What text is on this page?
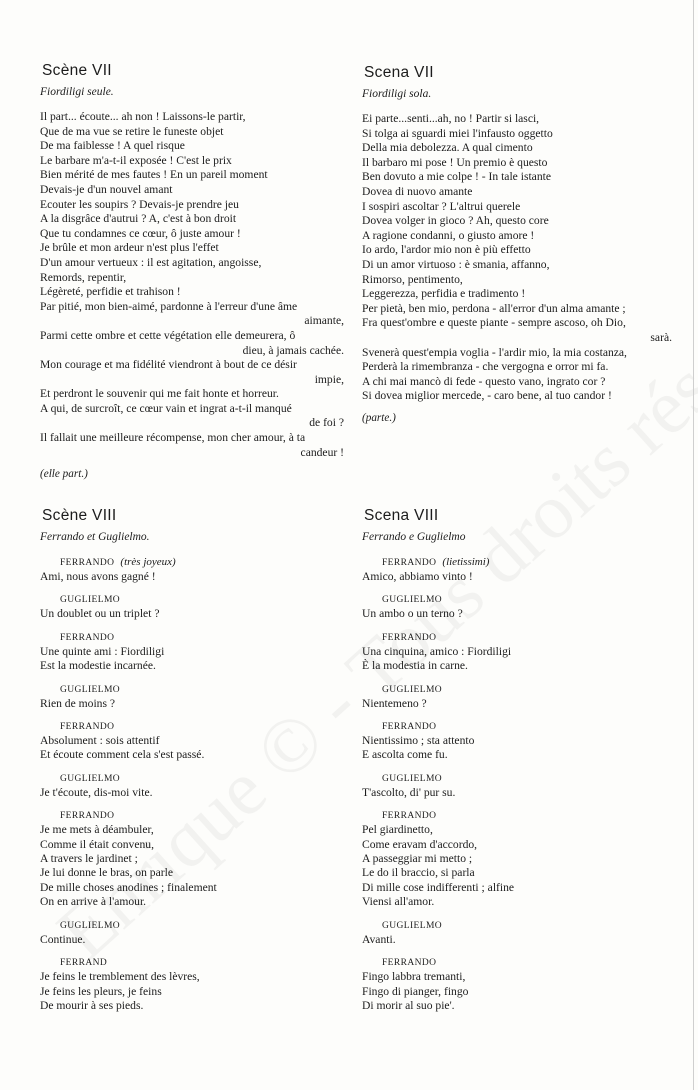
Scène VII
Fiordiligi seule.
Il part... écoute... ah non ! Laissons-le partir,
Que de ma vue se retire le funeste objet
De ma faiblesse ! A quel risque
Le barbare m'a-t-il exposée ! C'est le prix
Bien mérité de mes fautes ! En un pareil moment
Devais-je d'un nouvel amant
Ecouter les soupirs ? Devais-je prendre jeu
A la disgrâce d'autrui ? A, c'est à bon droit
Que tu condamnes ce cœur, ô juste amour !
Je brûle et mon ardeur n'est plus l'effet
D'un amour vertueux : il est agitation, angoisse,
Remords, repentir,
Légèreté, perfidie et trahison !
Par pitié, mon bien-aimé, pardonne à l'erreur d'une âme
aimante,
Parmi cette ombre et cette végétation elle demeurera, ô
dieu, à jamais cachée.
Mon courage et ma fidélité viendront à bout de ce désir
impie,
Et perdront le souvenir qui me fait honte et horreur.
A qui, de surcroît, ce cœur vain et ingrat a-t-il manqué
de foi ?
Il fallait une meilleure récompense, mon cher amour, à ta
candeur !
(elle part.)
Scène VIII
Ferrando et Guglielmo.
FERRANDO (très joyeux)
Ami, nous avons gagné !
GUGLIELMO
Un doublet ou un triplet ?
FERRANDO
Une quinte ami : Fiordiligi
Est la modestie incarnée.
GUGLIELMO
Rien de moins ?
FERRANDO
Absolument : sois attentif
Et écoute comment cela s'est passé.
GUGLIELMO
Je t'écoute, dis-moi vite.
FERRANDO
Je me mets à déambuler,
Comme il était convenu,
A travers le jardinet ;
Je lui donne le bras, on parle
De mille choses anodines ; finalement
On en arrive à l'amour.
GUGLIELMO
Continue.
FERRAND
Je feins le tremblement des lèvres,
Je feins les pleurs, je feins
De mourir à ses pieds.
Scena VII
Fiordiligi sola.
Ei parte...senti...ah, no ! Partir si lasci,
Si tolga ai sguardi miei l'infausto oggetto
Della mia debolezza. A qual cimento
Il barbaro mi pose ! Un premio è questo
Ben dovuto a mie colpe ! - In tale istante
Dovea di nuovo amante
I sospiri ascoltar ? L'altrui querele
Dovea volger in gioco ? Ah, questo core
A ragione condanni, o giusto amore !
Io ardo, l'ardor mio non è più effetto
Di un amor virtuoso : è smania, affanno,
Rimorso, pentimento,
Leggerezza, perfidia e tradimento !
Per pietà, ben mio, perdona - all'error d'un alma amante ;
Fra quest'ombre e queste piante - sempre ascoso, oh Dio,
sarà.
Svenerà quest'empia voglia - l'ardir mio, la mia costanza,
Perderà la rimembranza - che vergogna e orror mi fa.
A chi mai mancò di fede - questo vano, ingrato cor ?
Si dovea miglior mercede, - caro bene, al tuo candor !
(parte.)
Scena VIII
Ferrando e Guglielmo
FERRANDO (lietissimi)
Amico, abbiamo vinto !
GUGLIELMO
Un ambo o un terno ?
FERRANDO
Una cinquina, amico : Fiordiligi
È la modestia in carne.
GUGLIELMO
Nientemeno ?
FERRANDO
Nientissimo ; sta attento
E ascolta come fu.
GUGLIELMO
T'ascolto, di' pur su.
FERRANDO
Pel giardinetto,
Come eravam d'accordo,
A passeggiar mi metto ;
Le do il braccio, si parla
Di mille cose indifferenti ; alfine
Viensi all'amor.
GUGLIELMO
Avanti.
FERRANDO
Fingo labbra tremanti,
Fingo di pianger, fingo
Di morir al suo pie'.
